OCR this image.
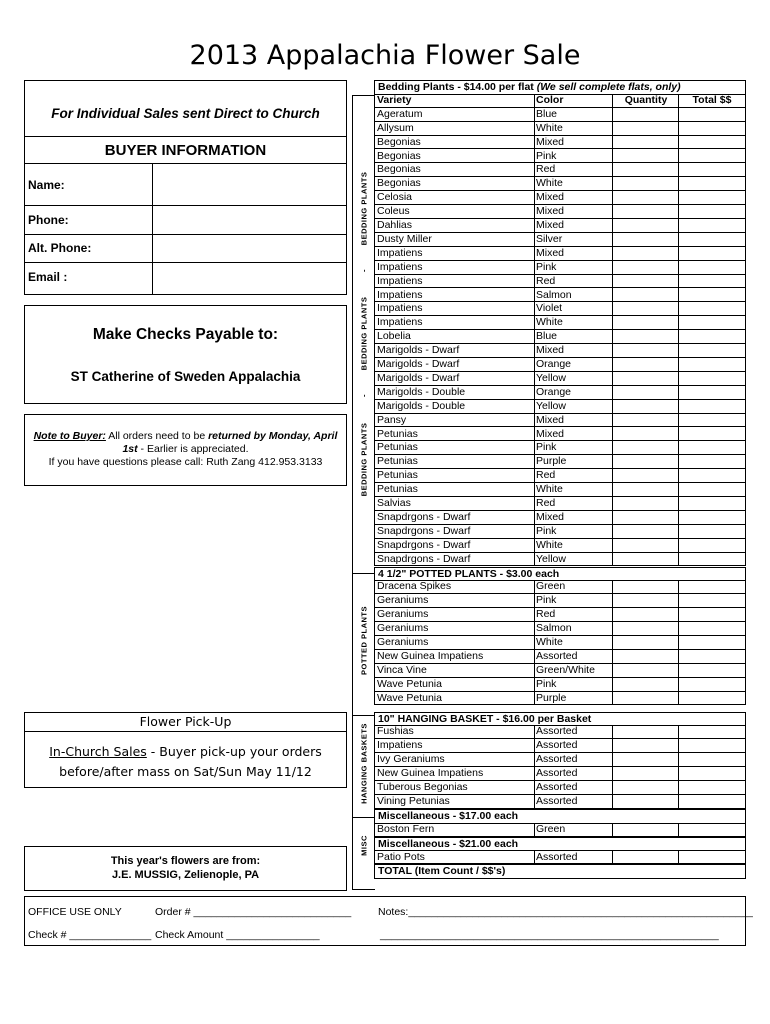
2013 Appalachia Flower Sale
For Individual Sales sent Direct to Church
BUYER INFORMATION
Name:
Phone:
Alt. Phone:
Email :
Make Checks Payable to:
ST Catherine of Sweden Appalachia
Note to Buyer: All orders need to be returned by Monday, April 1st - Earlier is appreciated.
If you have questions please call: Ruth Zang 412.953.3133
Flower Pick-Up
In-Church Sales - Buyer pick-up your orders before/after mass on Sat/Sun May 11/12
This year's flowers are from:
J.E. MUSSIG, Zelienople, PA
BEDDING PLANTS
-
BEDDING PLANTS
-
BEDDING PLANTS
POTTED PLANTS
HANGING BASKETS
MISC
Bedding Plants - $14.00 per flat (We sell complete flats, only)
Variety	Color	Quantity	Total $$
Ageratum	Blue
Allysum	White
Begonias	Mixed
Begonias	Pink
Begonias	Red
Begonias	White
Celosia	Mixed
Coleus	Mixed
Dahlias	Mixed
Dusty Miller	Silver
Impatiens	Mixed
Impatiens	Pink
Impatiens	Red
Impatiens	Salmon
Impatiens	Violet
Impatiens	White
Lobelia	Blue
Marigolds - Dwarf	Mixed
Marigolds - Dwarf	Orange
Marigolds - Dwarf	Yellow
Marigolds - Double	Orange
Marigolds - Double	Yellow
Pansy	Mixed
Petunias	Mixed
Petunias	Pink
Petunias	Purple
Petunias	Red
Petunias	White
Salvias	Red
Snapdrgons - Dwarf	Mixed
Snapdrgons - Dwarf	Pink
Snapdrgons - Dwarf	White
Snapdrgons - Dwarf	Yellow
4 1/2" POTTED PLANTS - $3.00 each
Dracena Spikes	Green
Geraniums	Pink
Geraniums	Red
Geraniums	Salmon
Geraniums	White
New Guinea Impatiens	Assorted
Vinca Vine	Green/White
Wave Petunia	Pink
Wave Petunia	Purple
10" HANGING BASKET - $16.00 per Basket
Fushias	Assorted
Impatiens	Assorted
Ivy Geraniums	Assorted
New Guinea Impatiens	Assorted
Tuberous Begonias	Assorted
Vining Petunias	Assorted
Miscellaneous - $17.00 each
Boston Fern	Green
Miscellaneous - $21.00 each
Patio Pots	Assorted
TOTAL (Item Count / $$'s)
OFFICE USE ONLY	Order # ___________________________
Check # ______________ Check Amount ________________
Notes:___________________________________________________________
__________________________________________________________
